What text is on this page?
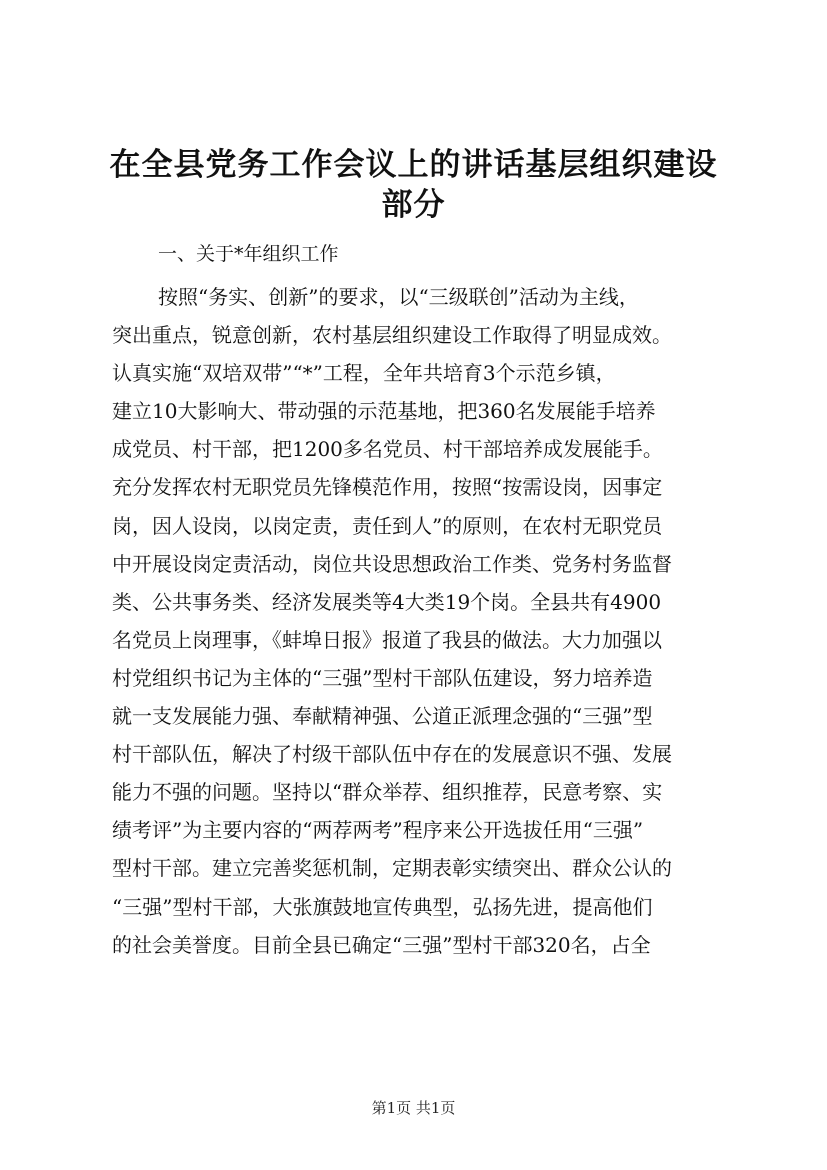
在全县党务工作会议上的讲话基层组织建设部分
一、关于*年组织工作
按照“务实、创新”的要求，以“三级联创”活动为主线，
突出重点，锐意创新，农村基层组织建设工作取得了明显成效。
认真实施“双培双带”“*”工程，全年共培育3个示范乡镇，
建立10大影响大、带动强的示范基地，把360名发展能手培养
成党员、村干部，把1200多名党员、村干部培养成发展能手。
充分发挥农村无职党员先锋模范作用，按照“按需设岗，因事定
岗，因人设岗，以岗定责，责任到人”的原则，在农村无职党员
中开展设岗定责活动，岗位共设思想政治工作类、党务村务监督
类、公共事务类、经济发展类等4大类19个岗。全县共有4900
名党员上岗理事，《蚌埠日报》报道了我县的做法。大力加强以
村党组织书记为主体的“三强”型村干部队伍建设，努力培养造
就一支发展能力强、奉献精神强、公道正派理念强的“三强”型
村干部队伍，解决了村级干部队伍中存在的发展意识不强、发展
能力不强的问题。坚持以“群众举荐、组织推荐，民意考察、实
绩考评”为主要内容的“两荐两考”程序来公开选拔任用“三强”
型村干部。建立完善奖惩机制，定期表彰实绩突出、群众公认的
“三强”型村干部，大张旗鼓地宣传典型，弘扬先进，提高他们
的社会美誉度。目前全县已确定“三强”型村干部320名，占全
第1页 共1页
